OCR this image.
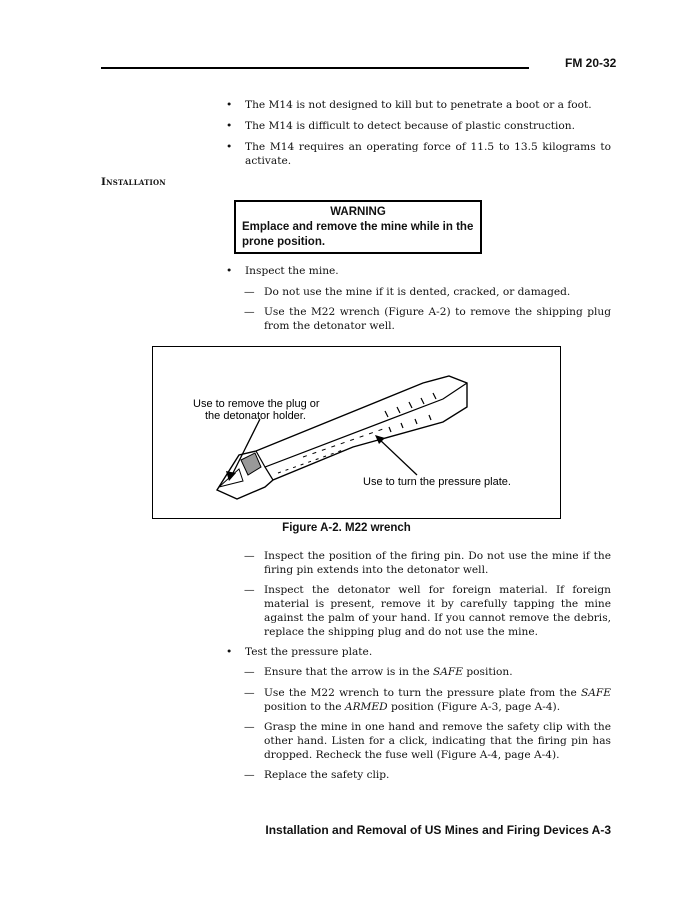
FM 20-32
• The M14 is not designed to kill but to penetrate a boot or a foot.
• The M14 is difficult to detect because of plastic construction.
• The M14 requires an operating force of 11.5 to 13.5 kilograms to activate.
Installation
WARNING
Emplace and remove the mine while in the prone position.
• Inspect the mine.
— Do not use the mine if it is dented, cracked, or damaged.
— Use the M22 wrench (Figure A-2) to remove the shipping plug from the detonator well.
Use to remove the plug or
the detonator holder.
Use to turn the pressure plate.
Figure A-2. M22 wrench
— Inspect the position of the firing pin. Do not use the mine if the firing pin extends into the detonator well.
— Inspect the detonator well for foreign material. If foreign material is present, remove it by carefully tapping the mine against the palm of your hand. If you cannot remove the debris, replace the shipping plug and do not use the mine.
• Test the pressure plate.
— Ensure that the arrow is in the SAFE position.
— Use the M22 wrench to turn the pressure plate from the SAFE position to the ARMED position (Figure A-3, page A-4).
— Grasp the mine in one hand and remove the safety clip with the other hand. Listen for a click, indicating that the firing pin has dropped. Recheck the fuse well (Figure A-4, page A-4).
— Replace the safety clip.
Installation and Removal of US Mines and Firing Devices A-3
